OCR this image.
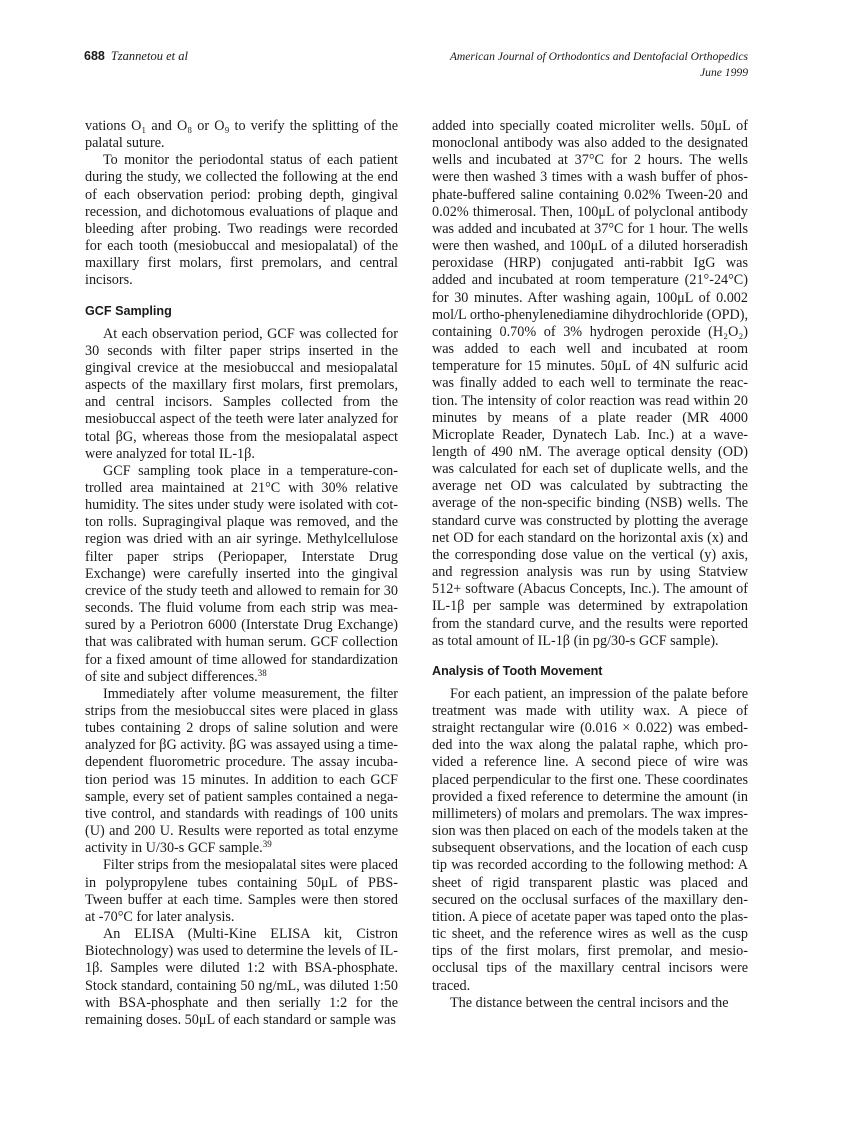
688 Tzannetou et al	American Journal of Orthodontics and Dentofacial Orthopedics
June 1999

vations O₁ and O₈ or O₉ to verify the splitting of the palatal suture.

To monitor the periodontal status of each patient during the study, we collected the following at the end of each observation period: probing depth, gingival recession, and dichotomous evaluations of plaque and bleeding after probing. Two readings were recorded for each tooth (mesiobuccal and mesiopalatal) of the maxillary first molars, first premolars, and central incisors.

GCF Sampling

At each observation period, GCF was collected for 30 seconds with filter paper strips inserted in the gingival crevice at the mesiobuccal and mesiopalatal aspects of the maxillary first molars, first premolars, and central incisors. Samples collected from the mesiobuccal aspect of the teeth were later analyzed for total βG, whereas those from the mesiopalatal aspect were analyzed for total IL-1β.

GCF sampling took place in a temperature-controlled area maintained at 21°C with 30% relative humidity. The sites under study were isolated with cotton rolls. Supragingival plaque was removed, and the region was dried with an air syringe. Methylcellulose filter paper strips (Periopaper, Interstate Drug Exchange) were carefully inserted into the gingival crevice of the study teeth and allowed to remain for 30 seconds. The fluid volume from each strip was measured by a Periotron 6000 (Interstate Drug Exchange) that was calibrated with human serum. GCF collection for a fixed amount of time allowed for standardization of site and subject differences.$^{38}$

Immediately after volume measurement, the filter strips from the mesiobuccal sites were placed in glass tubes containing 2 drops of saline solution and were analyzed for βG activity. βG was assayed using a time-dependent fluorometric procedure. The assay incubation period was 15 minutes. In addition to each GCF sample, every set of patient samples contained a negative control, and standards with readings of 100 units (U) and 200 U. Results were reported as total enzyme activity in U/30-s GCF sample.$^{39}$

Filter strips from the mesiopalatal sites were placed in polypropylene tubes containing 50μL of PBS-Tween buffer at each time. Samples were then stored at -70°C for later analysis.

An ELISA (Multi-Kine ELISA kit, Cistron Biotechnology) was used to determine the levels of IL-1β. Samples were diluted 1:2 with BSA-phosphate. Stock standard, containing 50 ng/mL, was diluted 1:50 with BSA-phosphate and then serially 1:2 for the remaining doses. 50μL of each standard or sample was

added into specially coated microliter wells. 50μL of monoclonal antibody was also added to the designated wells and incubated at 37°C for 2 hours. The wells were then washed 3 times with a wash buffer of phosphate-buffered saline containing 0.02% Tween-20 and 0.02% thimerosal. Then, 100μL of polyclonal antibody was added and incubated at 37°C for 1 hour. The wells were then washed, and 100μL of a diluted horseradish peroxidase (HRP) conjugated anti-rabbit IgG was added and incubated at room temperature (21°-24°C) for 30 minutes. After washing again, 100μL of 0.002 mol/L ortho-phenylenediamine dihydrochloride (OPD), containing 0.70% of 3% hydrogen peroxide (H₂O₂) was added to each well and incubated at room temperature for 15 minutes. 50μL of 4N sulfuric acid was finally added to each well to terminate the reaction. The intensity of color reaction was read within 20 minutes by means of a plate reader (MR 4000 Microplate Reader, Dynatech Lab. Inc.) at a wavelength of 490 nM. The average optical density (OD) was calculated for each set of duplicate wells, and the average net OD was calculated by subtracting the average of the non-specific binding (NSB) wells. The standard curve was constructed by plotting the average net OD for each standard on the horizontal axis (x) and the corresponding dose value on the vertical (y) axis, and regression analysis was run by using Statview 512+ software (Abacus Concepts, Inc.). The amount of IL-1β per sample was determined by extrapolation from the standard curve, and the results were reported as total amount of IL-1β (in pg/30-s GCF sample).

Analysis of Tooth Movement

For each patient, an impression of the palate before treatment was made with utility wax. A piece of straight rectangular wire (0.016 × 0.022) was embedded into the wax along the palatal raphe, which provided a reference line. A second piece of wire was placed perpendicular to the first one. These coordinates provided a fixed reference to determine the amount (in millimeters) of molars and premolars. The wax impression was then placed on each of the models taken at the subsequent observations, and the location of each cusp tip was recorded according to the following method: A sheet of rigid transparent plastic was placed and secured on the occlusal surfaces of the maxillary dentition. A piece of acetate paper was taped onto the plastic sheet, and the reference wires as well as the cusp tips of the first molars, first premolar, and mesioocclusal tips of the maxillary central incisors were traced.

The distance between the central incisors and the
